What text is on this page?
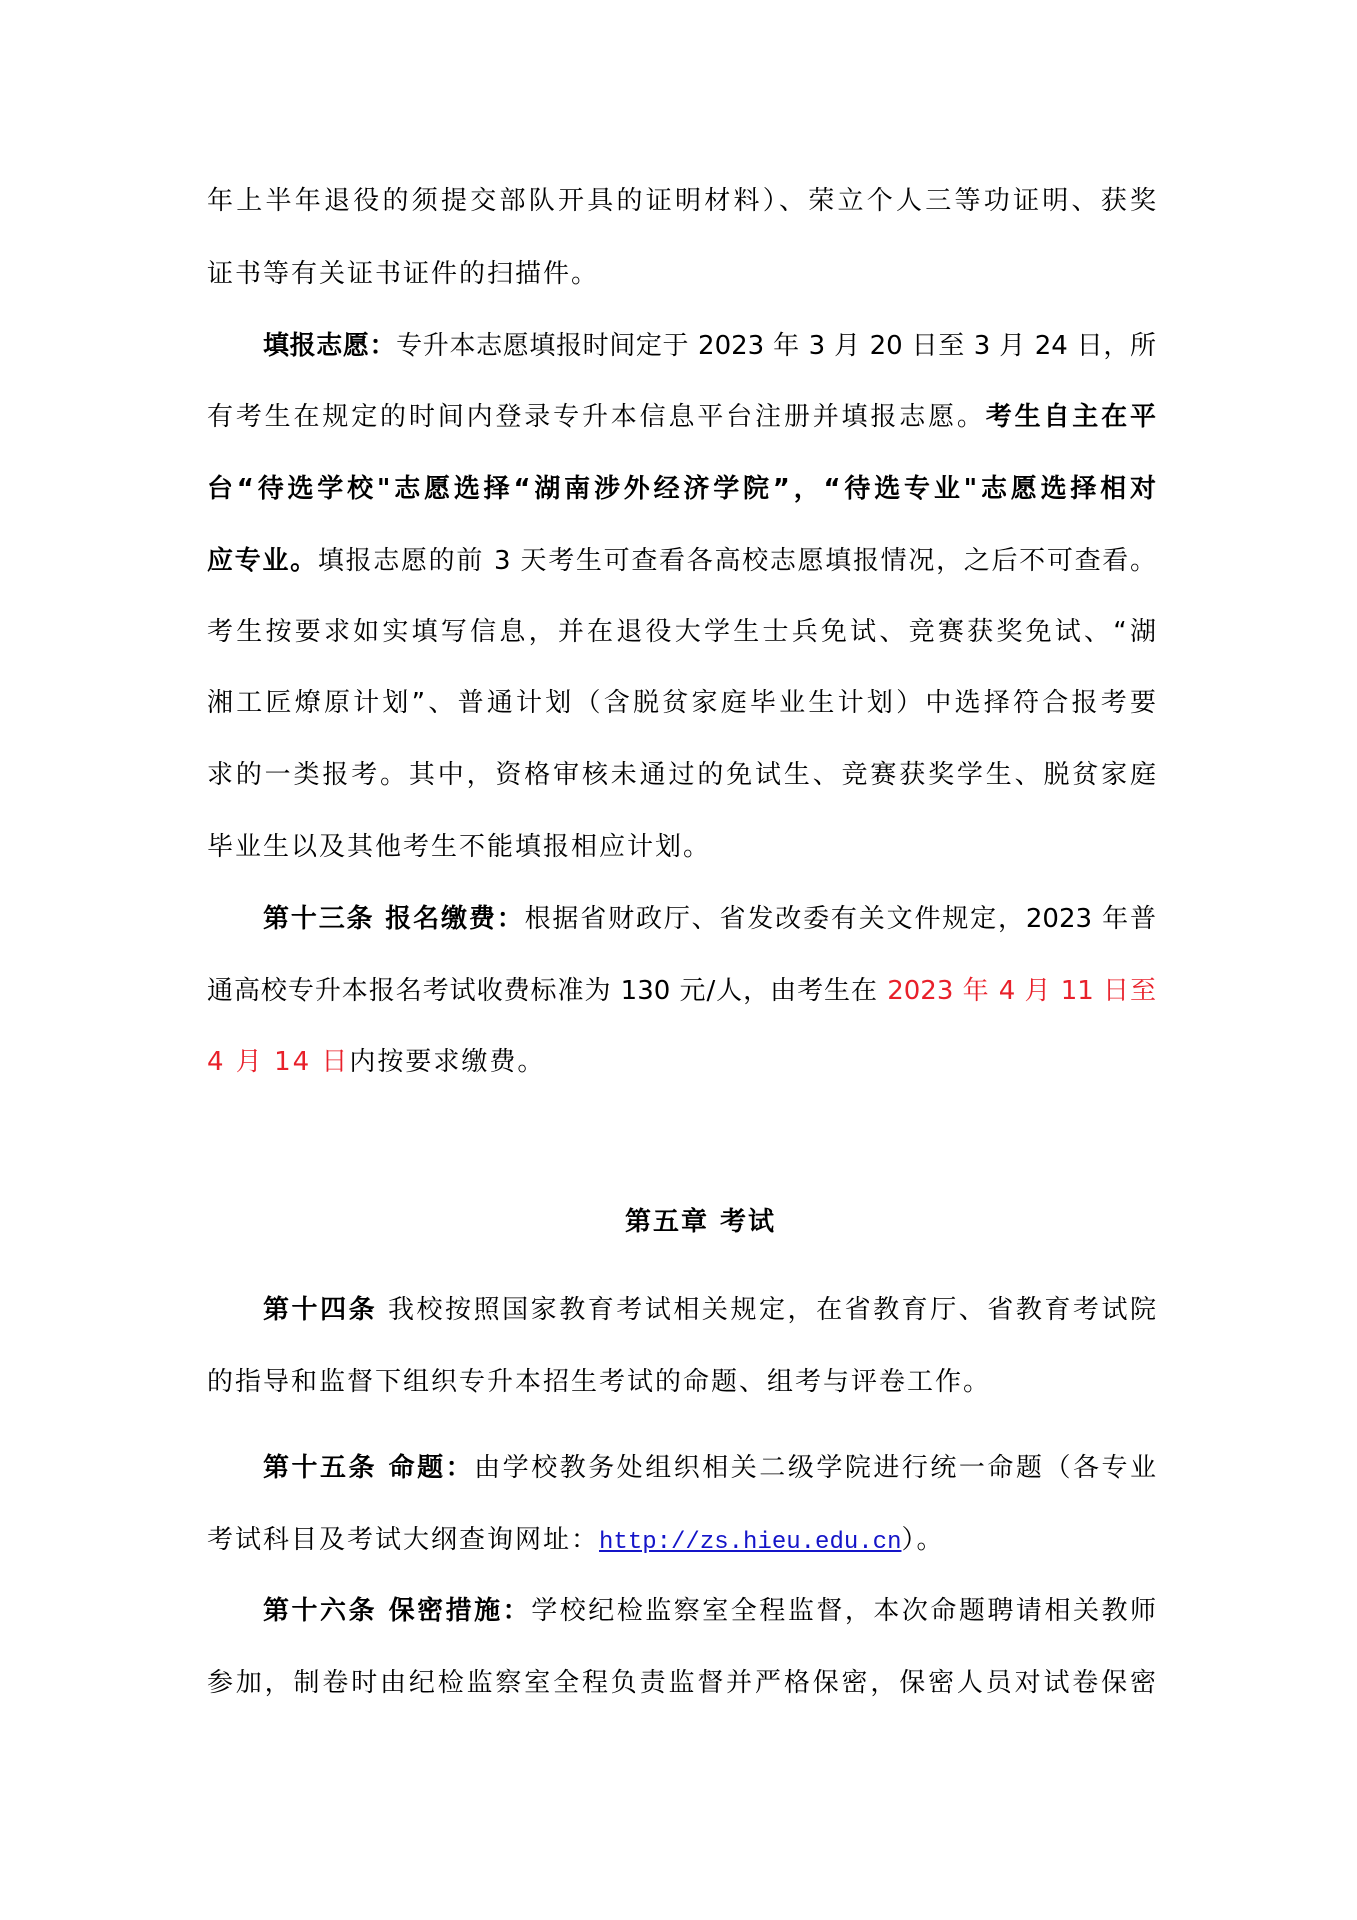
年上半年退役的须提交部队开具的证明材料）、荣立个人三等功证明、获奖
证书等有关证书证件的扫描件。
填报志愿：专升本志愿填报时间定于 2023 年 3 月 20 日至 3 月 24 日，所
有考生在规定的时间内登录专升本信息平台注册并填报志愿。考生自主在平
台“待选学校"志愿选择“湖南涉外经济学院”，“待选专业"志愿选择相对
应专业。填报志愿的前 3 天考生可查看各高校志愿填报情况，之后不可查看。
考生按要求如实填写信息，并在退役大学生士兵免试、竞赛获奖免试、“湖
湘工匠燎原计划”、普通计划（含脱贫家庭毕业生计划）中选择符合报考要
求的一类报考。其中，资格审核未通过的免试生、竞赛获奖学生、脱贫家庭
毕业生以及其他考生不能填报相应计划。
第十三条 报名缴费：根据省财政厅、省发改委有关文件规定，2023 年普
通高校专升本报名考试收费标准为 130 元/人，由考生在 2023 年 4 月 11 日至
4 月 14 日内按要求缴费。
第五章 考试
第十四条 我校按照国家教育考试相关规定，在省教育厅、省教育考试院
的指导和监督下组织专升本招生考试的命题、组考与评卷工作。
第十五条 命题：由学校教务处组织相关二级学院进行统一命题（各专业
考试科目及考试大纲查询网址：http://zs.hieu.edu.cn）。
第十六条 保密措施：学校纪检监察室全程监督，本次命题聘请相关教师
参加，制卷时由纪检监察室全程负责监督并严格保密，保密人员对试卷保密
